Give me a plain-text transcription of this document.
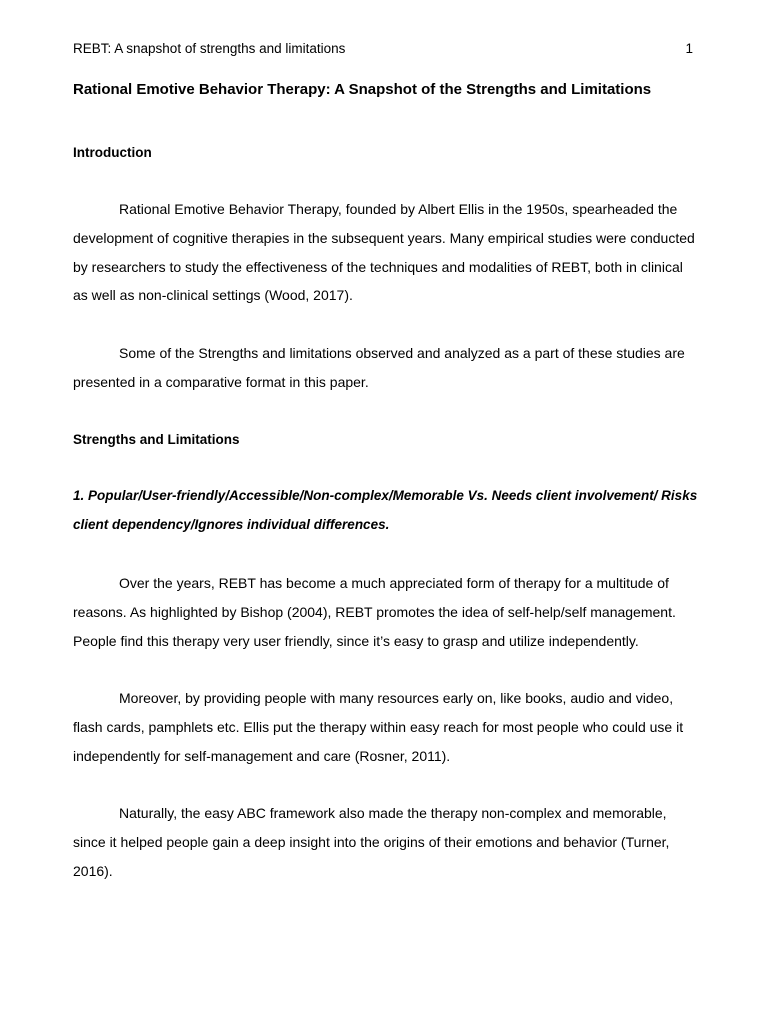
REBT: A snapshot of strengths and limitations	1
Rational Emotive Behavior Therapy: A Snapshot of the Strengths and Limitations
Introduction

Rational Emotive Behavior Therapy, founded by Albert Ellis in the 1950s, spearheaded the development of cognitive therapies in the subsequent years. Many empirical studies were conducted by researchers to study the effectiveness of the techniques and modalities of REBT, both in clinical as well as non-clinical settings (Wood, 2017).

Some of the Strengths and limitations observed and analyzed as a part of these studies are presented in a comparative format in this paper.

Strengths and Limitations

1. Popular/User-friendly/Accessible/Non-complex/Memorable Vs. Needs client involvement/ Risks client dependency/Ignores individual differences.

Over the years, REBT has become a much appreciated form of therapy for a multitude of reasons. As highlighted by Bishop (2004), REBT promotes the idea of self-help/self management. People find this therapy very user friendly, since it’s easy to grasp and utilize independently.

Moreover, by providing people with many resources early on, like books, audio and video, flash cards, pamphlets etc. Ellis put the therapy within easy reach for most people who could use it independently for self-management and care (Rosner, 2011).

Naturally, the easy ABC framework also made the therapy non-complex and memorable, since it helped people gain a deep insight into the origins of their emotions and behavior (Turner, 2016).
